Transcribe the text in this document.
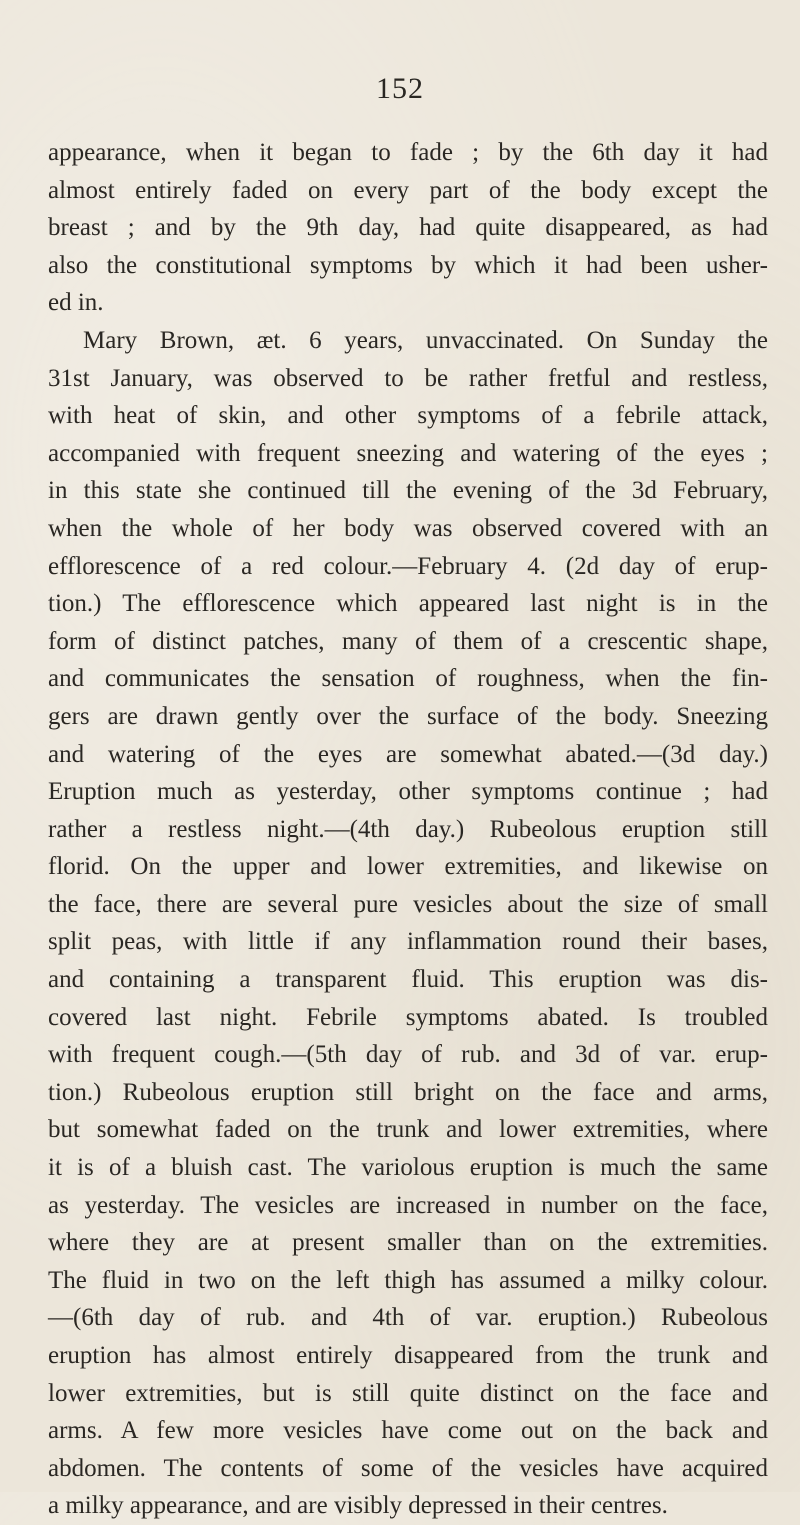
152
appearance, when it began to fade ; by the 6th day it had
almost entirely faded on every part of the body except the
breast ; and by the 9th day, had quite disappeared, as had
also the constitutional symptoms by which it had been usher-
ed in.
Mary Brown, æt. 6 years, unvaccinated. On Sunday the
31st January, was observed to be rather fretful and restless,
with heat of skin, and other symptoms of a febrile attack,
accompanied with frequent sneezing and watering of the eyes ;
in this state she continued till the evening of the 3d February,
when the whole of her body was observed covered with an
efflorescence of a red colour.—February 4. (2d day of erup-
tion.) The efflorescence which appeared last night is in the
form of distinct patches, many of them of a crescentic shape,
and communicates the sensation of roughness, when the fin-
gers are drawn gently over the surface of the body. Sneezing
and watering of the eyes are somewhat abated.—(3d day.)
Eruption much as yesterday, other symptoms continue ; had
rather a restless night.—(4th day.) Rubeolous eruption still
florid. On the upper and lower extremities, and likewise on
the face, there are several pure vesicles about the size of small
split peas, with little if any inflammation round their bases,
and containing a transparent fluid. This eruption was dis-
covered last night. Febrile symptoms abated. Is troubled
with frequent cough.—(5th day of rub. and 3d of var. erup-
tion.) Rubeolous eruption still bright on the face and arms,
but somewhat faded on the trunk and lower extremities, where
it is of a bluish cast. The variolous eruption is much the same
as yesterday. The vesicles are increased in number on the face,
where they are at present smaller than on the extremities.
The fluid in two on the left thigh has assumed a milky colour.
—(6th day of rub. and 4th of var. eruption.) Rubeolous
eruption has almost entirely disappeared from the trunk and
lower extremities, but is still quite distinct on the face and
arms. A few more vesicles have come out on the back and
abdomen. The contents of some of the vesicles have acquired
a milky appearance, and are visibly depressed in their centres.
